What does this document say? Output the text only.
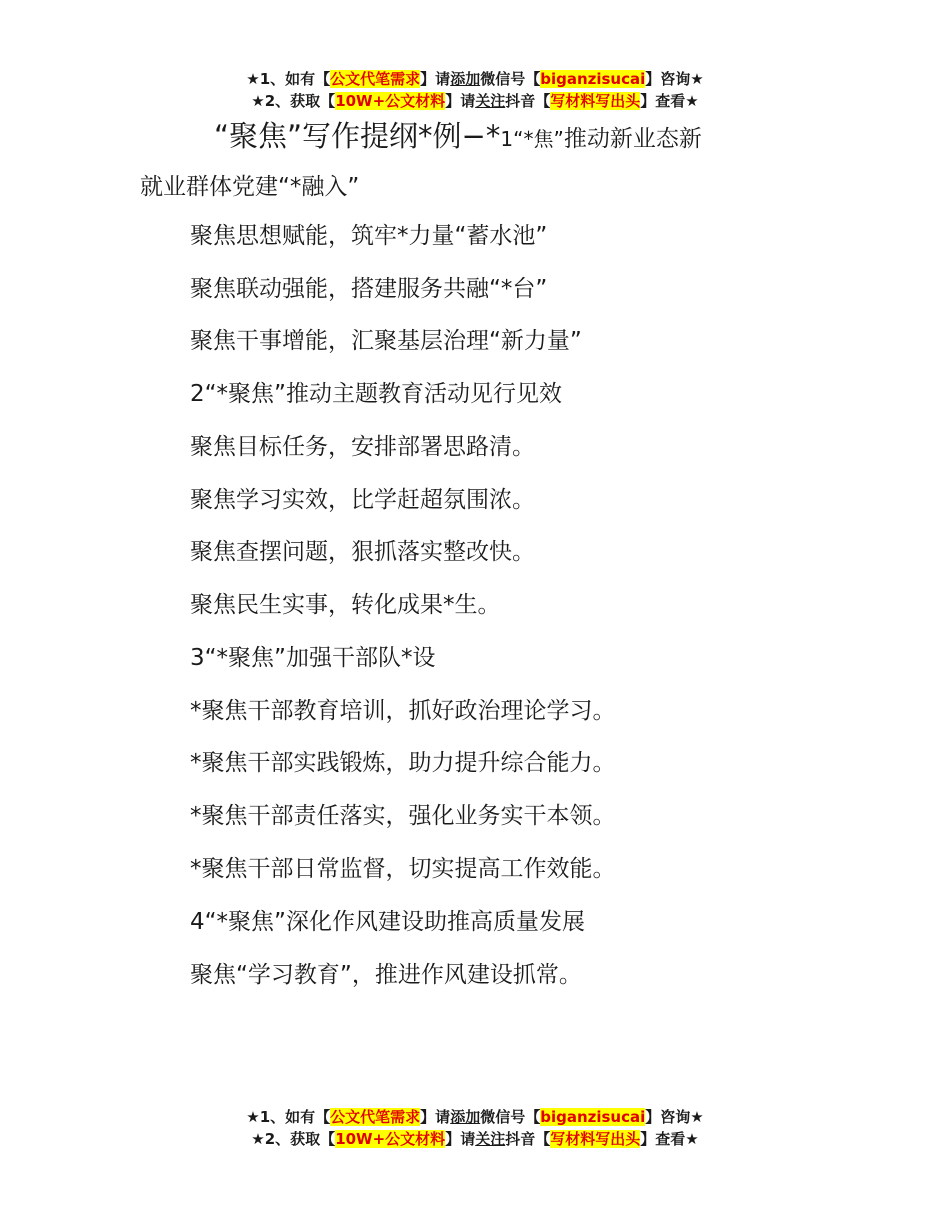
★1、如有【公文代笔需求】请添加微信号【biganzisucai】咨询★
★2、获取【10W+公文材料】请关注抖音【写材料写出头】查看★
“聚焦”写作提纲*例−*1“*焦”推动新业态新
就业群体党建“*融入”
聚焦思想赋能，筑牢*力量“蓄水池”
聚焦联动强能，搭建服务共融“*台”
聚焦干事增能，汇聚基层治理“新力量”
2“*聚焦”推动主题教育活动见行见效
聚焦目标任务，安排部署思路清。
聚焦学习实效，比学赶超氛围浓。
聚焦查摆问题，狠抓落实整改快。
聚焦民生实事，转化成果*生。
3“*聚焦”加强干部队*设
*聚焦干部教育培训，抓好政治理论学习。
*聚焦干部实践锻炼，助力提升综合能力。
*聚焦干部责任落实，强化业务实干本领。
*聚焦干部日常监督，切实提高工作效能。
4“*聚焦”深化作风建设助推高质量发展
聚焦“学习教育”，推进作风建设抓常。
★1、如有【公文代笔需求】请添加微信号【biganzisucai】咨询★
★2、获取【10W+公文材料】请关注抖音【写材料写出头】查看★
